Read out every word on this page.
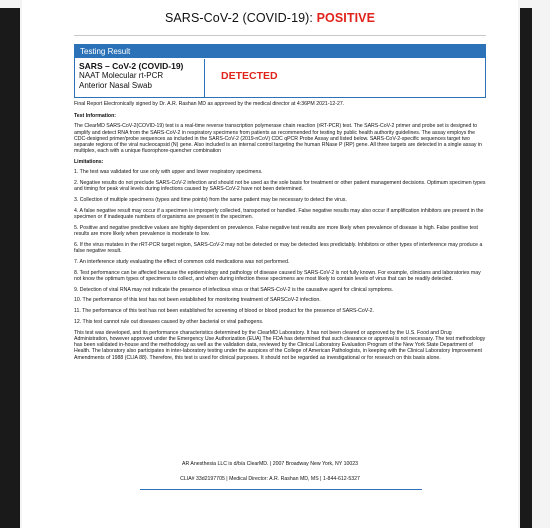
SARS-CoV-2 (COVID-19): POSITIVE
Testing Result
SARS – CoV-2 (COVID-19)
NAAT Molecular rt-PCR
Anterior Nasal Swab
DETECTED

Final Report Electronically signed by Dr. A.R. Rashan MD as approved by the medical director at 4:36PM 2021-12-27.

Test Information:

The ClearMD SARS-CoV-2(COVID-19) test is a real-time reverse transcription polymerase chain reaction (rRT-PCR) test. The SARS-CoV-2 primer and probe set is designed to amplify and detect RNA from the SARS-CoV-2 in respiratory specimens from patients as recommended for testing by public health authority guidelines. The assay employs the CDC-designed primer/probe sequences as included in the SARS-CoV-2 (2019-nCoV) CDC qPCR Probe Assay and listed below. SARS-CoV-2-specific sequences target two separate regions of the viral nucleocapsid (N) gene. Also included is an internal control targeting the human RNase P (RP) gene. All three targets are detected in a single assay in multiplex, each with a unique fluorophore-quencher combination

Limitations:

1. The test was validated for use only with upper and lower respiratory specimens.

2. Negative results do not preclude SARS-CoV-2 infection and should not be used as the sole basis for treatment or other patient management decisions. Optimum specimen types and timing for peak viral levels during infections caused by SARS-CoV-2 have not been determined.

3. Collection of multiple specimens (types and time points) from the same patient may be necessary to detect the virus.

4. A false negative result may occur if a specimen is improperly collected, transported or handled. False negative results may also occur if amplification inhibitors are present in the specimen or if inadequate numbers of organisms are present in the specimen.

5. Positive and negative predictive values are highly dependent on prevalence. False negative test results are more likely when prevalence of disease is high. False positive test results are more likely when prevalence is moderate to low.

6. If the virus mutates in the rRT-PCR target region, SARS-CoV-2 may not be detected or may be detected less predictably. Inhibitors or other types of interference may produce a false negative result.

7. An interference study evaluating the effect of common cold medications was not performed.

8. Test performance can be affected because the epidemiology and pathology of disease caused by SARS-CoV-2 is not fully known. For example, clinicians and laboratories may not know the optimum types of specimens to collect, and when during infection these specimens are most likely to contain levels of virus that can be readily detected.

9. Detection of viral RNA may not indicate the presence of infectious virus or that SARS-CoV-2 is the causative agent for clinical symptoms.

10. The performance of this test has not been established for monitoring treatment of SARSCoV-2 infection.

11. The performance of this test has not been established for screening of blood or blood product for the presence of SARS-CoV-2.

12. This test cannot rule out diseases caused by other bacterial or viral pathogens.

This test was developed, and its performance characteristics determined by the ClearMD Laboratory. It has not been cleared or approved by the U.S. Food and Drug Administration, however approved under the Emergency Use Authorization (EUA) The FDA has determined that such clearance or approval is not necessary. The test methodology has been validated in-house and the methodology as well as the validation data, reviewed by the Clinical Laboratory Evaluation Program of the New York State Department of Health. The laboratory also participates in inter-laboratory testing under the auspices of the College of American Pathologists, in keeping with the Clinical Laboratory Improvement Amendments of 1988 (CLIA 88). Therefore, this test is used for clinical purposes. It should not be regarded as investigational or for research on this basis alone.

AR Anesthesia LLC is d/b/a ClearMD. | 2007 Broadway New York, NY 10023
CLIA# 33d2197705 | Medical Director: A.R. Rashan MD, MS | 1-844-612-5327
